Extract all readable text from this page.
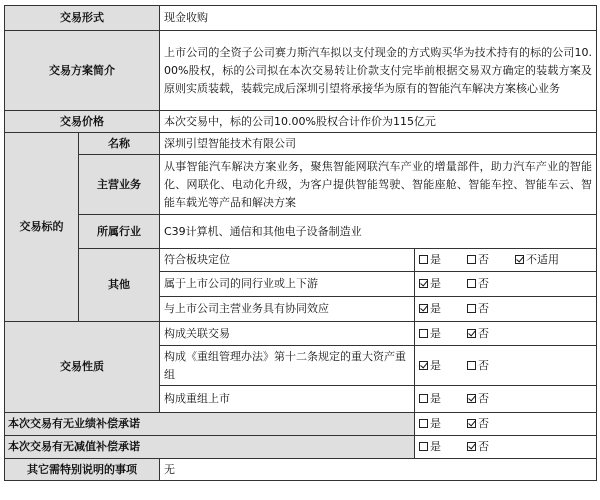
交易形式		现金收购	
交易方案简介		上市公司的全资子公司赛力斯汽车拟以支付现金的方式购买华为技术持有的标的公司10.00%股权，标的公司拟在本次交易转让价款支付完毕前根据交易双方确定的装载方案及原则实质装载，装载完成后深圳引望将承接华为原有的智能汽车解决方案核心业务	
交易价格		本次交易中，标的公司10.00%股权合计作价为115亿元	
交易标的	名称	深圳引望智能技术有限公司	
	主营业务	从事智能汽车解决方案业务，聚焦智能网联汽车产业的增量部件，助力汽车产业的智能化、网联化、电动化升级，为客户提供智能驾驶、智能座舱、智能车控、智能车云、智能车载光等产品和解决方案	
	所属行业	C39计算机、通信和其他电子设备制造业	
	其他	符合板块定位	是 否 不适用
		属于上市公司的同行业或上下游	是 否
		与上市公司主营业务具有协同效应	是 否
交易性质		构成关联交易	是 否
		构成《重组管理办法》第十二条规定的重大资产重组	是 否
		构成重组上市	是 否
本次交易有无业绩补偿承诺			是 否
本次交易有无减值补偿承诺			是 否
其它需特别说明的事项		无	
